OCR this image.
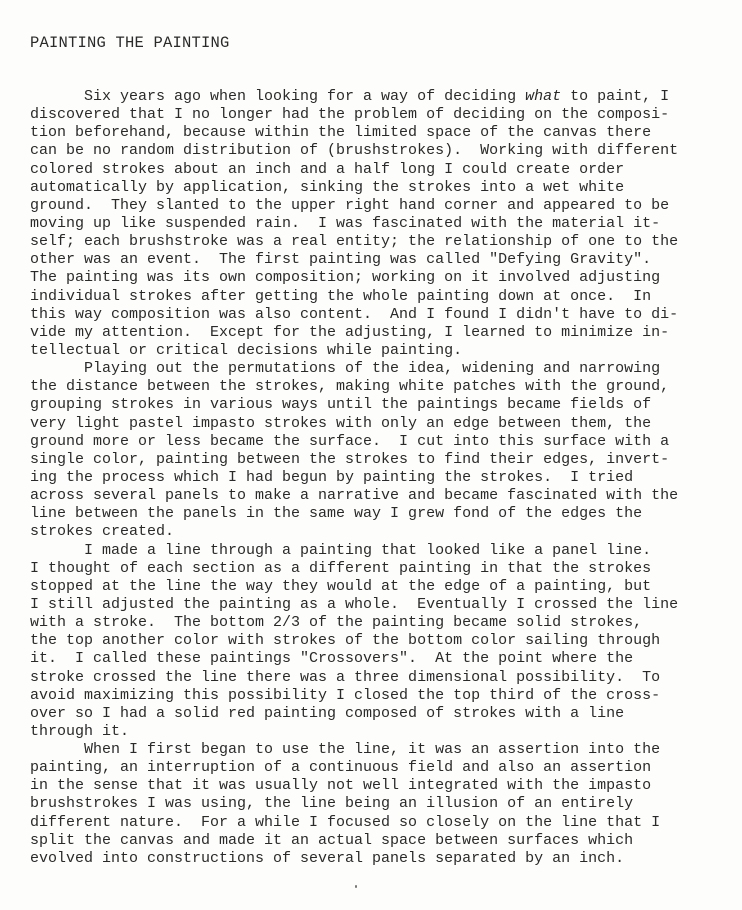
PAINTING THE PAINTING
Six years ago when looking for a way of deciding what to paint, I
discovered that I no longer had the problem of deciding on the composi-
tion beforehand, because within the limited space of the canvas there
can be no random distribution of (brushstrokes).  Working with different
colored strokes about an inch and a half long I could create order
automatically by application, sinking the strokes into a wet white
ground.  They slanted to the upper right hand corner and appeared to be
moving up like suspended rain.  I was fascinated with the material it-
self; each brushstroke was a real entity; the relationship of one to the
other was an event.  The first painting was called "Defying Gravity".
The painting was its own composition; working on it involved adjusting
individual strokes after getting the whole painting down at once.  In
this way composition was also content.  And I found I didn't have to di-
vide my attention.  Except for the adjusting, I learned to minimize in-
tellectual or critical decisions while painting.
Playing out the permutations of the idea, widening and narrowing
the distance between the strokes, making white patches with the ground,
grouping strokes in various ways until the paintings became fields of
very light pastel impasto strokes with only an edge between them, the
ground more or less became the surface.  I cut into this surface with a
single color, painting between the strokes to find their edges, invert-
ing the process which I had begun by painting the strokes.  I tried
across several panels to make a narrative and became fascinated with the
line between the panels in the same way I grew fond of the edges the
strokes created.
I made a line through a painting that looked like a panel line.
I thought of each section as a different painting in that the strokes
stopped at the line the way they would at the edge of a painting, but
I still adjusted the painting as a whole.  Eventually I crossed the line
with a stroke.  The bottom 2/3 of the painting became solid strokes,
the top another color with strokes of the bottom color sailing through
it.  I called these paintings "Crossovers".  At the point where the
stroke crossed the line there was a three dimensional possibility.  To
avoid maximizing this possibility I closed the top third of the cross-
over so I had a solid red painting composed of strokes with a line
through it.
When I first began to use the line, it was an assertion into the
painting, an interruption of a continuous field and also an assertion
in the sense that it was usually not well integrated with the impasto
brushstrokes I was using, the line being an illusion of an entirely
different nature.  For a while I focused so closely on the line that I
split the canvas and made it an actual space between surfaces which
evolved into constructions of several panels separated by an inch.
